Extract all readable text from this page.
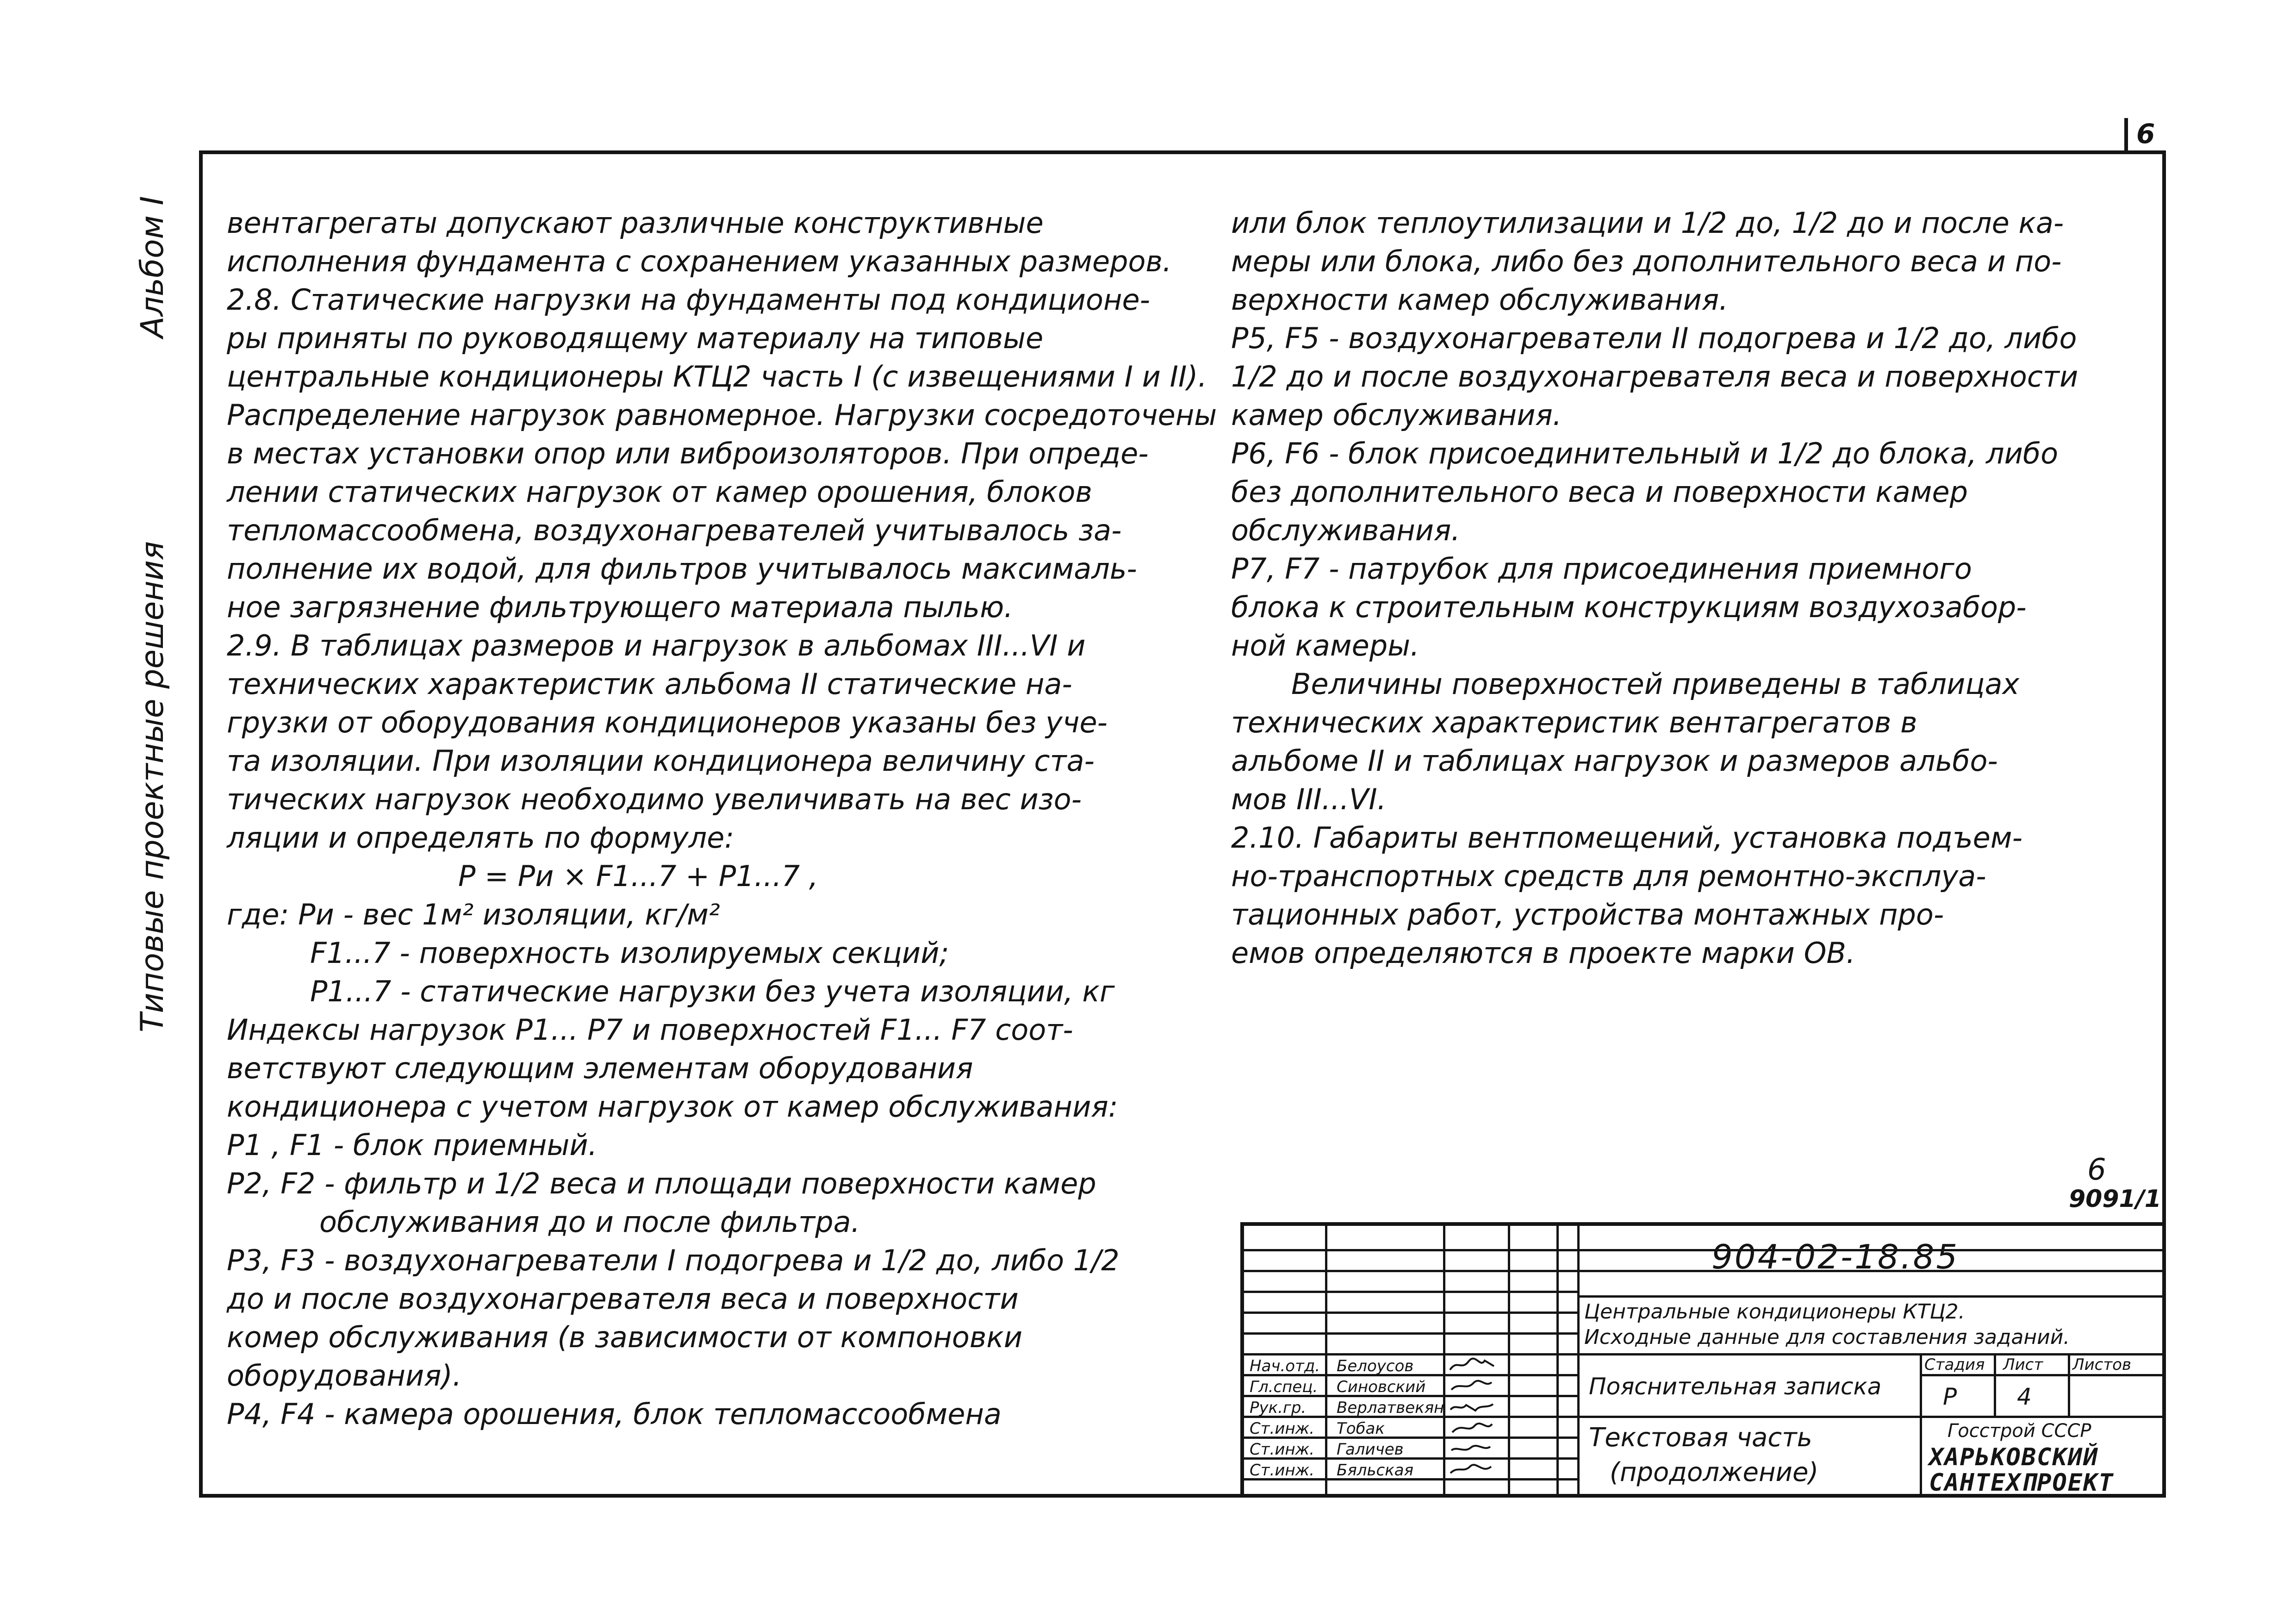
6
Альбом I
Типовые проектные решения

вентагрегаты допускают различные конструктивные

исполнения фундамента с сохранением указанных размеров.

2.8. Статические нагрузки на фундаменты под кондиционе-

ры приняты по руководящему материалу на типовые

центральные кондиционеры КТЦ2 часть I (с извещениями I и II).

Распределение нагрузок равномерное. Нагрузки сосредоточены

в местах установки опор или виброизоляторов. При опреде-

лении статических нагрузок от камер орошения, блоков

тепломассообмена, воздухонагревателей учитывалось за-

полнение их водой, для фильтров учитывалось максималь-

ное загрязнение фильтрующего материала пылью.

2.9. В таблицах размеров и нагрузок в альбомах III...VI и

технических характеристик альбома II статические на-

грузки от оборудования кондиционеров указаны без уче-

та изоляции. При изоляции кондиционера величину ста-

тических нагрузок необходимо увеличивать на вес изо-

ляции и определять по формуле:

P = Pи × F1...7 + P1...7 ,

где: Pи - вес 1м² изоляции, кг/м²

F1...7 - поверхность изолируемых секций;

P1...7 - статические нагрузки без учета изоляции, кг

Индексы нагрузок P1... P7 и поверхностей F1... F7 соот-

ветствуют следующим элементам оборудования

кондиционера с учетом нагрузок от камер обслуживания:

P1 , F1 - блок приемный.

P2, F2 - фильтр и 1/2 веса и площади поверхности камер

обслуживания до и после фильтра.

P3, F3 - воздухонагреватели I подогрева и 1/2 до, либо 1/2

до и после воздухонагревателя веса и поверхности

комер обслуживания (в зависимости от компоновки

оборудования).

P4, F4 - камера орошения, блок тепломассообмена

или блок теплоутилизации и 1/2 до, 1/2 до и после ка-

меры или блока, либо без дополнительного веса и по-

верхности камер обслуживания.

P5, F5 - воздухонагреватели II подогрева и 1/2 до, либо

1/2 до и после воздухонагревателя веса и поверхности

камер обслуживания.

P6, F6 - блок присоединительный и 1/2 до блока, либо

без дополнительного веса и поверхности камер

обслуживания.

P7, F7 - патрубок для присоединения приемного

блока к строительным конструкциям воздухозабор-

ной камеры.

Величины поверхностей приведены в таблицах

технических характеристик вентагрегатов в

альбоме II и таблицах нагрузок и размеров альбо-

мов III...VI.

2.10. Габариты вентпомещений, установка подъем-

но-транспортных средств для ремонтно-эксплуа-

тационных работ, устройства монтажных про-

емов определяются в проекте марки ОВ.

6
9091/1
Нач.отд. Белоусов
Гл.спец. Синовский
Рук.гр. Верлатвекян
Ст.инж. Тобак
Ст.инж. Галичев
Ст.инж. Бяльская
904-02-18.85
Центральные кондиционеры КТЦ2.
Исходные данные для составления заданий.
Пояснительная записка
Стадия Лист Листов
Р	4
Текстовая часть
(продолжение)
Госстрой СССР
ХАРЬКОВСКИЙ
САНТЕХПРОЕКТ
